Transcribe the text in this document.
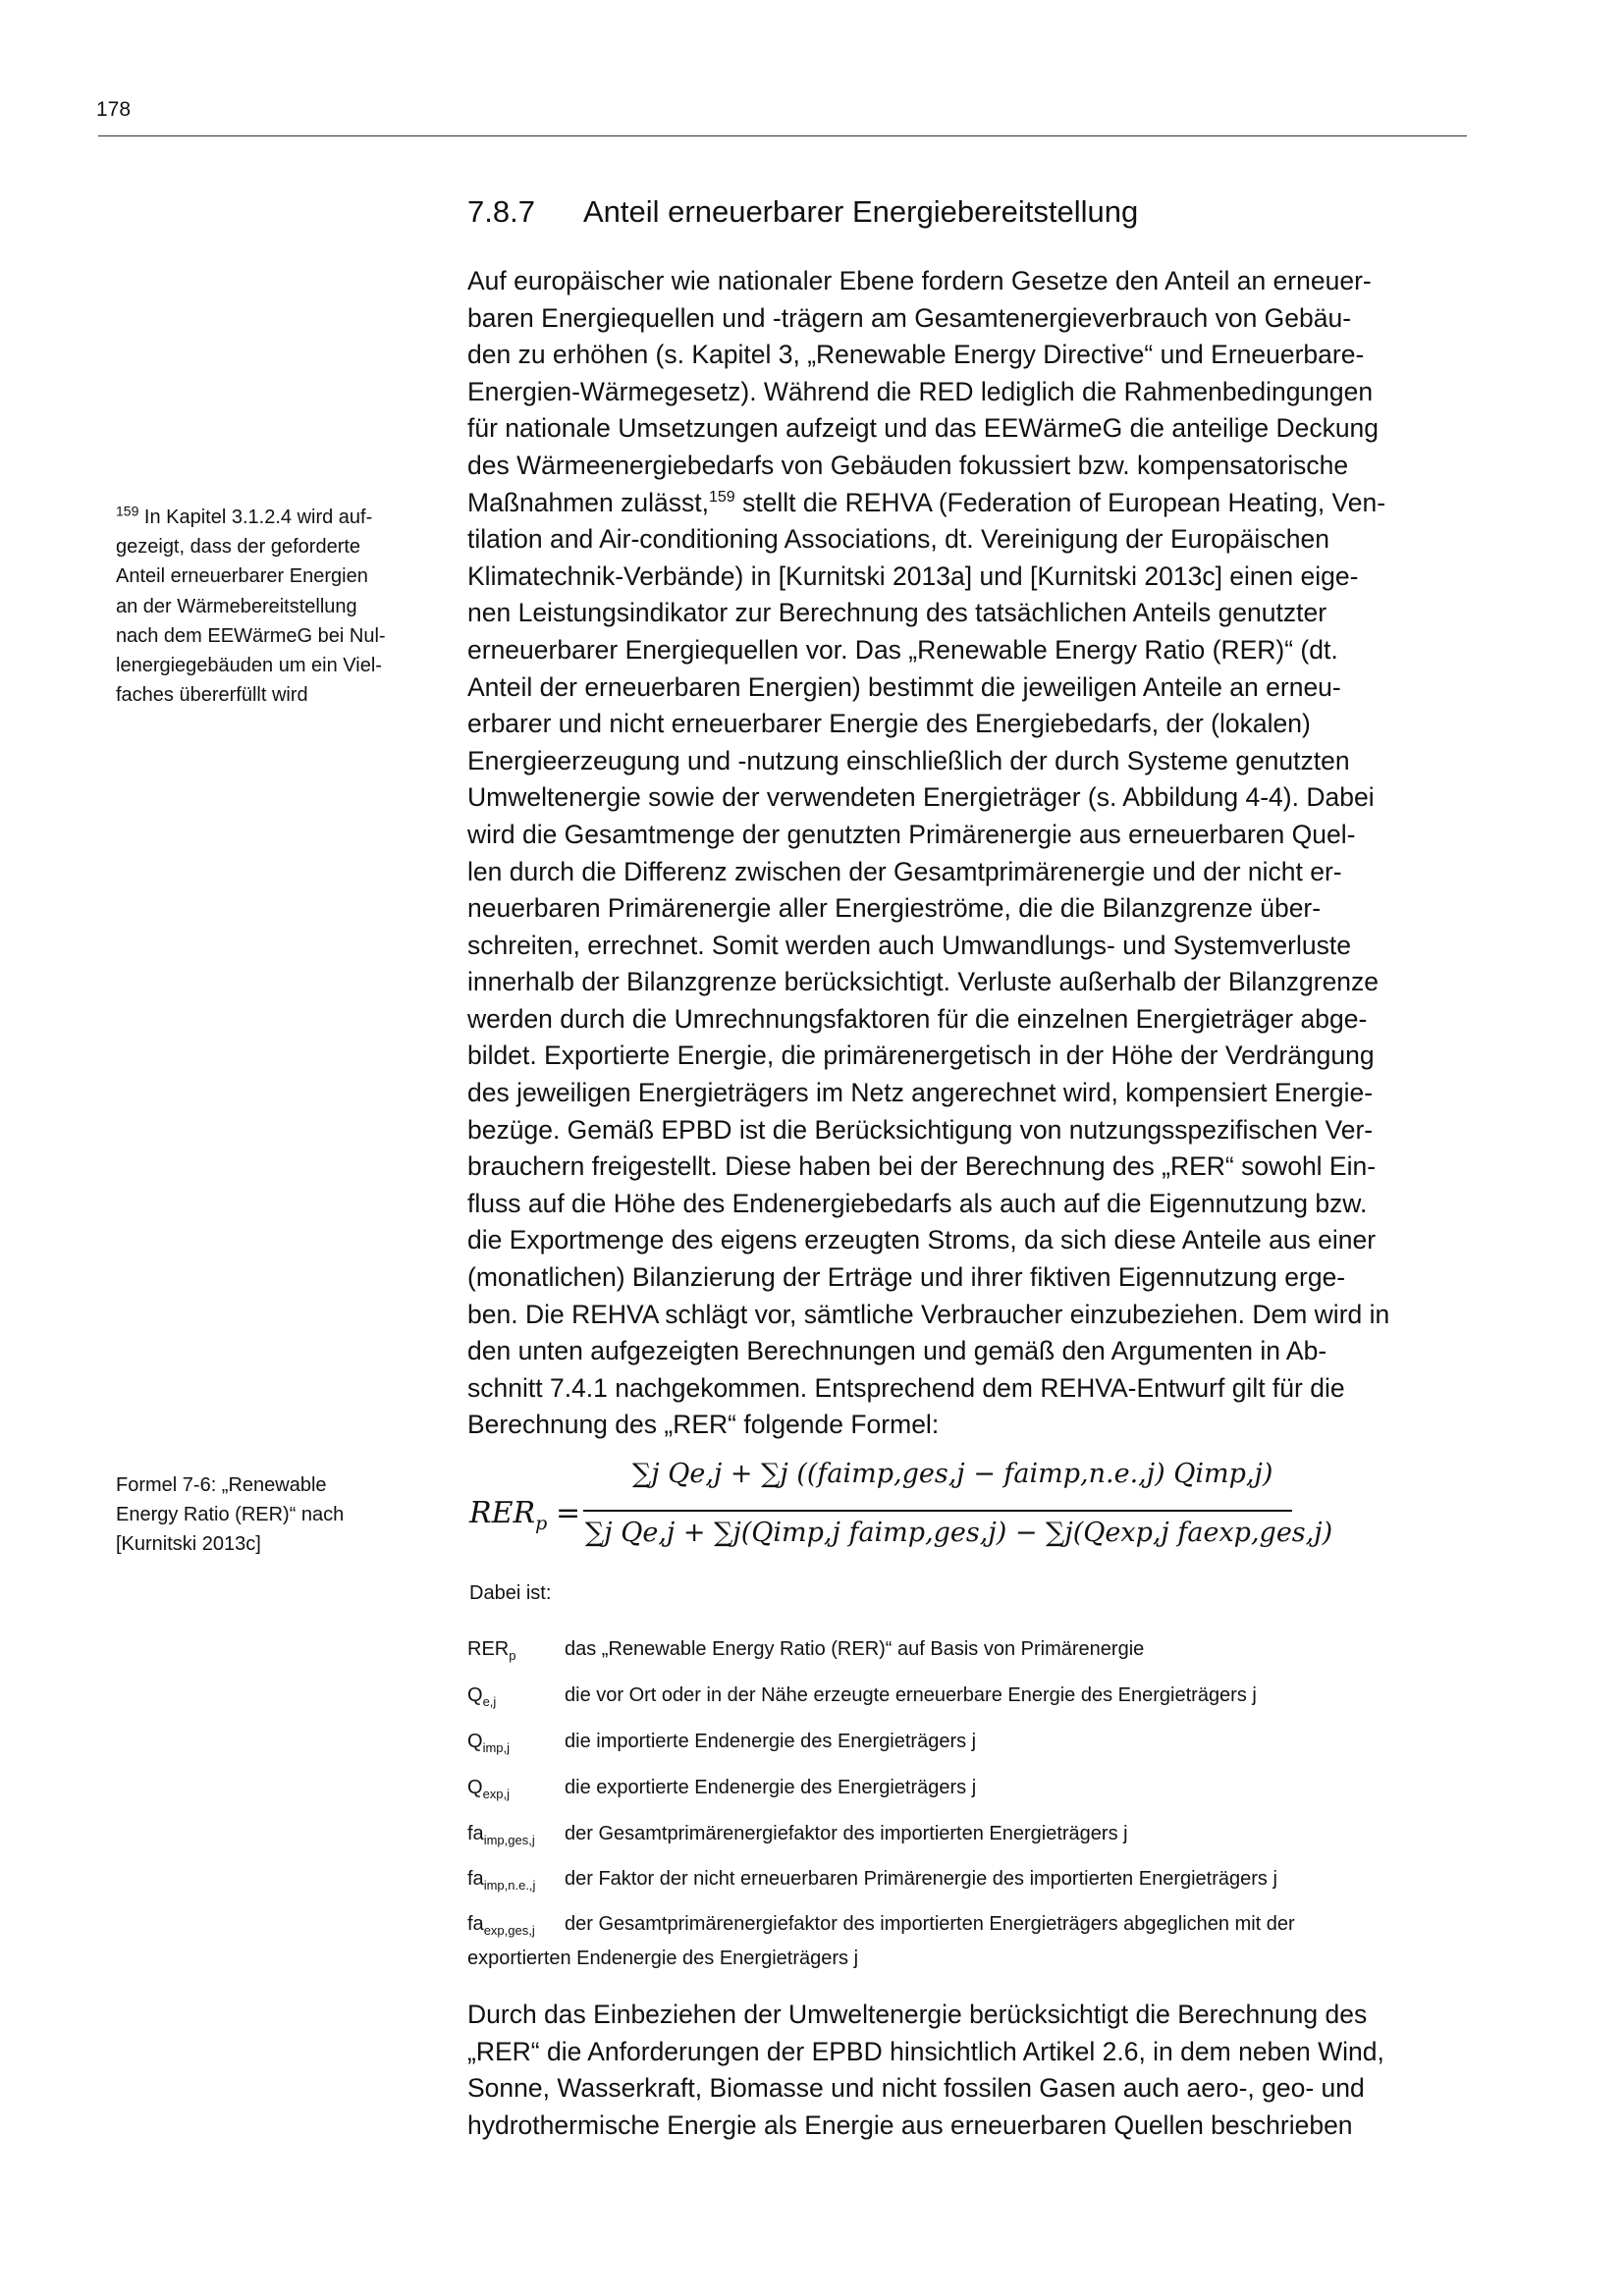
178
7.8.7 Anteil erneuerbarer Energiebereitstellung
Auf europäischer wie nationaler Ebene fordern Gesetze den Anteil an erneuer-
baren Energiequellen und -trägern am Gesamtenergieverbrauch von Gebäu-
den zu erhöhen (s. Kapitel 3, „Renewable Energy Directive“ und Erneuerbare-
Energien-Wärmegesetz). Während die RED lediglich die Rahmenbedingungen
für nationale Umsetzungen aufzeigt und das EEWärmeG die anteilige Deckung
des Wärmeenergiebedarfs von Gebäuden fokussiert bzw. kompensatorische
Maßnahmen zulässt,$^{159}$ stellt die REHVA (Federation of European Heating, Ven-
tilation and Air-conditioning Associations, dt. Vereinigung der Europäischen
Klimatechnik-Verbände) in [Kurnitski 2013a] und [Kurnitski 2013c] einen eige-
nen Leistungsindikator zur Berechnung des tatsächlichen Anteils genutzter
erneuerbarer Energiequellen vor. Das „Renewable Energy Ratio (RER)“ (dt.
Anteil der erneuerbaren Energien) bestimmt die jeweiligen Anteile an erneu-
erbarer und nicht erneuerbarer Energie des Energiebedarfs, der (lokalen)
Energieerzeugung und -nutzung einschließlich der durch Systeme genutzten
Umweltenergie sowie der verwendeten Energieträger (s. Abbildung 4-4). Dabei
wird die Gesamtmenge der genutzten Primärenergie aus erneuerbaren Quel-
len durch die Differenz zwischen der Gesamtprimärenergie und der nicht er-
neuerbaren Primärenergie aller Energieströme, die die Bilanzgrenze über-
schreiten, errechnet. Somit werden auch Umwandlungs- und Systemverluste
innerhalb der Bilanzgrenze berücksichtigt. Verluste außerhalb der Bilanzgrenze
werden durch die Umrechnungsfaktoren für die einzelnen Energieträger abge-
bildet. Exportierte Energie, die primärenergetisch in der Höhe der Verdrängung
des jeweiligen Energieträgers im Netz angerechnet wird, kompensiert Energie-
bezüge. Gemäß EPBD ist die Berücksichtigung von nutzungsspezifischen Ver-
brauchern freigestellt. Diese haben bei der Berechnung des „RER“ sowohl Ein-
fluss auf die Höhe des Endenergiebedarfs als auch auf die Eigennutzung bzw.
die Exportmenge des eigens erzeugten Stroms, da sich diese Anteile aus einer
(monatlichen) Bilanzierung der Erträge und ihrer fiktiven Eigennutzung erge-
ben. Die REHVA schlägt vor, sämtliche Verbraucher einzubeziehen. Dem wird in
den unten aufgezeigten Berechnungen und gemäß den Argumenten in Ab-
schnitt 7.4.1 nachgekommen. Entsprechend dem REHVA-Entwurf gilt für die
Berechnung des „RER“ folgende Formel:
$^{159}$ In Kapitel 3.1.2.4 wird auf-
gezeigt, dass der geforderte
Anteil erneuerbarer Energien
an der Wärmebereitstellung
nach dem EEWärmeG bei Nul-
lenergiegebäuden um ein Viel-
faches übererfüllt wird
Formel 7-6: „Renewable
Energy Ratio (RER)“ nach
[Kurnitski 2013c]
$RER_p$ =
∑j Qe,j + ∑j ((faimp,ges,j − faimp,n.e.,j) Qimp,j)
∑j Qe,j + ∑j(Qimp,j faimp,ges,j) − ∑j(Qexp,j faexp,ges,j)
Dabei ist:
$RER_p$ das „Renewable Energy Ratio (RER)“ auf Basis von Primärenergie
$Q_{e,j}$	die vor Ort oder in der Nähe erzeugte erneuerbare Energie des Energieträgers j
$Q_{imp,j}$	die importierte Endenergie des Energieträgers j
$Q_{exp,j}$	die exportierte Endenergie des Energieträgers j
$fa_{imp,ges,j}$ der Gesamtprimärenergiefaktor des importierten Energieträgers j
$fa_{imp,n.e.,j}$ der Faktor der nicht erneuerbaren Primärenergie des importierten Energieträgers j
$fa_{exp,ges,j}$ der Gesamtprimärenergiefaktor des importierten Energieträgers abgeglichen mit der
exportierten Endenergie des Energieträgers j
Durch das Einbeziehen der Umweltenergie berücksichtigt die Berechnung des
„RER“ die Anforderungen der EPBD hinsichtlich Artikel 2.6, in dem neben Wind,
Sonne, Wasserkraft, Biomasse und nicht fossilen Gasen auch aero-, geo- und
hydrothermische Energie als Energie aus erneuerbaren Quellen beschrieben
